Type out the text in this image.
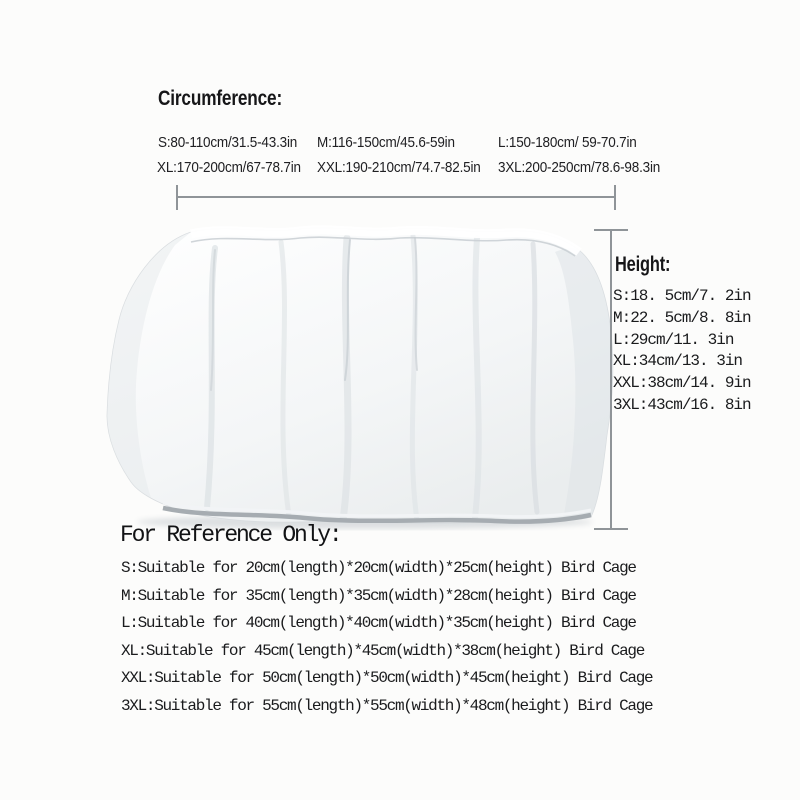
Circumference:
S:80-110cm/31.5-43.3in M:116-150cm/45.6-59in	L:150-180cm/ 59-70.7in
XL:170-200cm/67-78.7in XXL:190-210cm/74.7-82.5in 3XL:200-250cm/78.6-98.3in
Height:
S:18. 5cm/7. 2in
M:22. 5cm/8. 8in
L:29cm/11. 3in
XL:34cm/13. 3in
XXL:38cm/14. 9in
3XL:43cm/16. 8in
For Reference Only:
S:Suitable for 20cm(length)*20cm(width)*25cm(height) Bird Cage
M:Suitable for 35cm(length)*35cm(width)*28cm(height) Bird Cage
L:Suitable for 40cm(length)*40cm(width)*35cm(height) Bird Cage
XL:Suitable for 45cm(length)*45cm(width)*38cm(height) Bird Cage
XXL:Suitable for 50cm(length)*50cm(width)*45cm(height) Bird Cage
3XL:Suitable for 55cm(length)*55cm(width)*48cm(height) Bird Cage
